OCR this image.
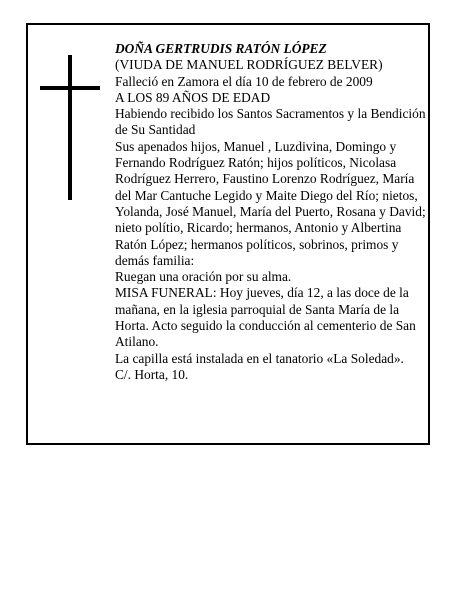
DOÑA GERTRUDIS RATÓN LÓPEZ

(VIUDA DE MANUEL RODRÍGUEZ BELVER)

Falleció en Zamora el día 10 de febrero de 2009

A LOS 89 AÑOS DE EDAD

Habiendo recibido los Santos Sacramentos y la Bendición de Su Santidad

Sus apenados hijos, Manuel , Luzdivina, Domingo y Fernando Rodríguez Ratón; hijos políticos, Nicolasa Rodríguez Herrero, Faustino Lorenzo Rodríguez, María del Mar Cantuche Legido y Maite Diego del Río; nietos, Yolanda, José Manuel, María del Puerto, Rosana y David; nieto polítio, Ricardo; hermanos, Antonio y Albertina Ratón López; hermanos políticos, sobrinos, primos y demás familia:

Ruegan una oración por su alma.

MISA FUNERAL: Hoy jueves, día 12, a las doce de la mañana, en la iglesia parroquial de Santa María de la Horta. Acto seguido la conducción al cementerio de San Atilano.

La capilla está instalada en el tanatorio «La Soledad».

C/. Horta, 10.
